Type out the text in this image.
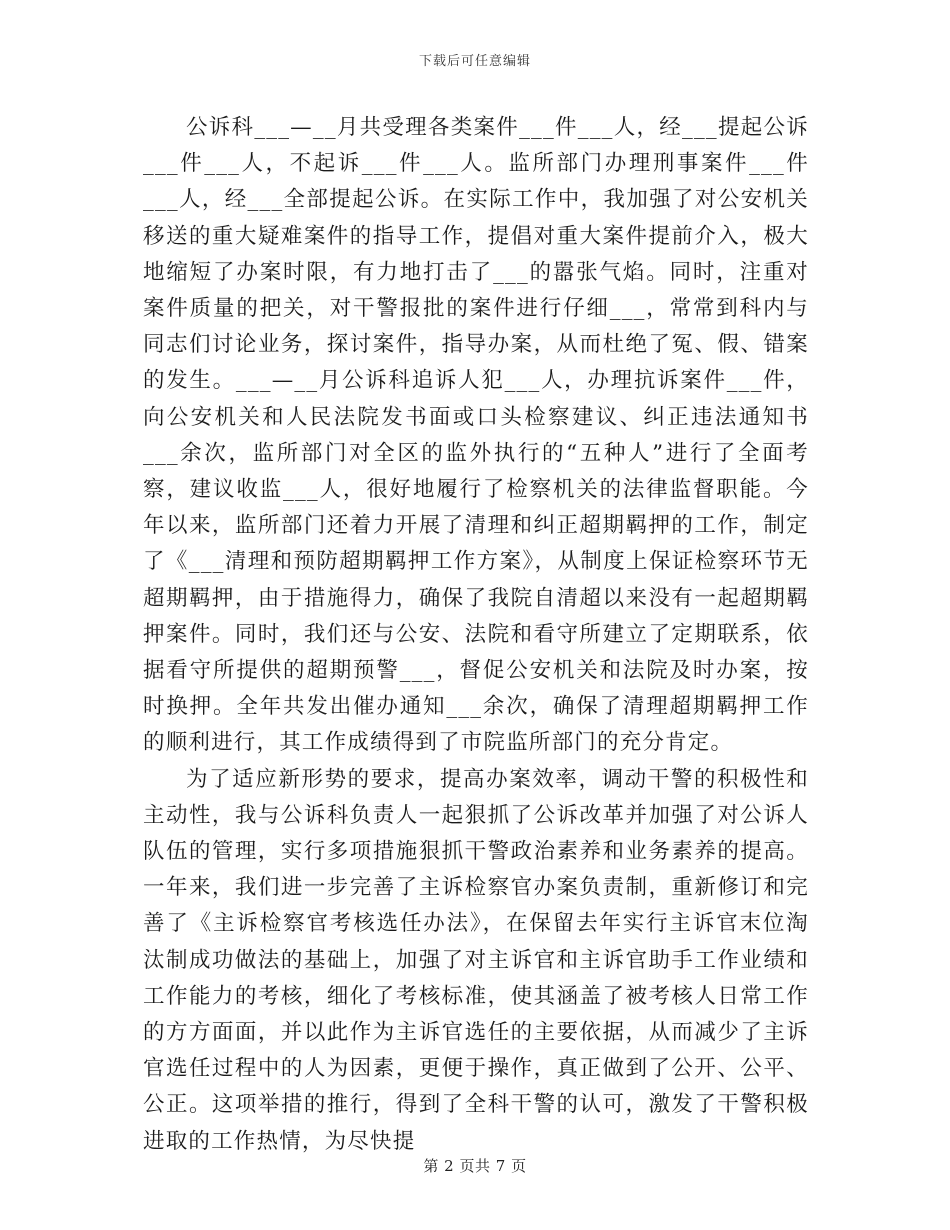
下载后可任意编辑

公诉科___—__月共受理各类案件___件___人，经___提起公诉___件___人，不起诉___件___人。监所部门办理刑事案件___件___人，经___全部提起公诉。在实际工作中，我加强了对公安机关移送的重大疑难案件的指导工作，提倡对重大案件提前介入，极大地缩短了办案时限，有力地打击了___的嚣张气焰。同时，注重对案件质量的把关，对干警报批的案件进行仔细___，常常到科内与同志们讨论业务，探讨案件，指导办案，从而杜绝了冤、假、错案的发生。___—__月公诉科追诉人犯___人，办理抗诉案件___件，向公安机关和人民法院发书面或口头检察建议、纠正违法通知书___余次，监所部门对全区的监外执行的“五种人”进行了全面考察，建议收监___人，很好地履行了检察机关的法律监督职能。今年以来，监所部门还着力开展了清理和纠正超期羁押的工作，制定了《___清理和预防超期羁押工作方案》，从制度上保证检察环节无超期羁押，由于措施得力，确保了我院自清超以来没有一起超期羁押案件。同时，我们还与公安、法院和看守所建立了定期联系，依据看守所提供的超期预警___，督促公安机关和法院及时办案，按时换押。全年共发出催办通知___余次，确保了清理超期羁押工作的顺利进行，其工作成绩得到了市院监所部门的充分肯定。

为了适应新形势的要求，提高办案效率，调动干警的积极性和主动性，我与公诉科负责人一起狠抓了公诉改革并加强了对公诉人队伍的管理，实行多项措施狠抓干警政治素养和业务素养的提高。一年来，我们进一步完善了主诉检察官办案负责制，重新修订和完善了《主诉检察官考核选任办法》，在保留去年实行主诉官末位淘汰制成功做法的基础上，加强了对主诉官和主诉官助手工作业绩和工作能力的考核，细化了考核标准，使其涵盖了被考核人日常工作的方方面面，并以此作为主诉官选任的主要依据，从而减少了主诉官选任过程中的人为因素，更便于操作，真正做到了公开、公平、公正。这项举措的推行，得到了全科干警的认可，激发了干警积极进取的工作热情，为尽快提

第 2 页共 7 页
